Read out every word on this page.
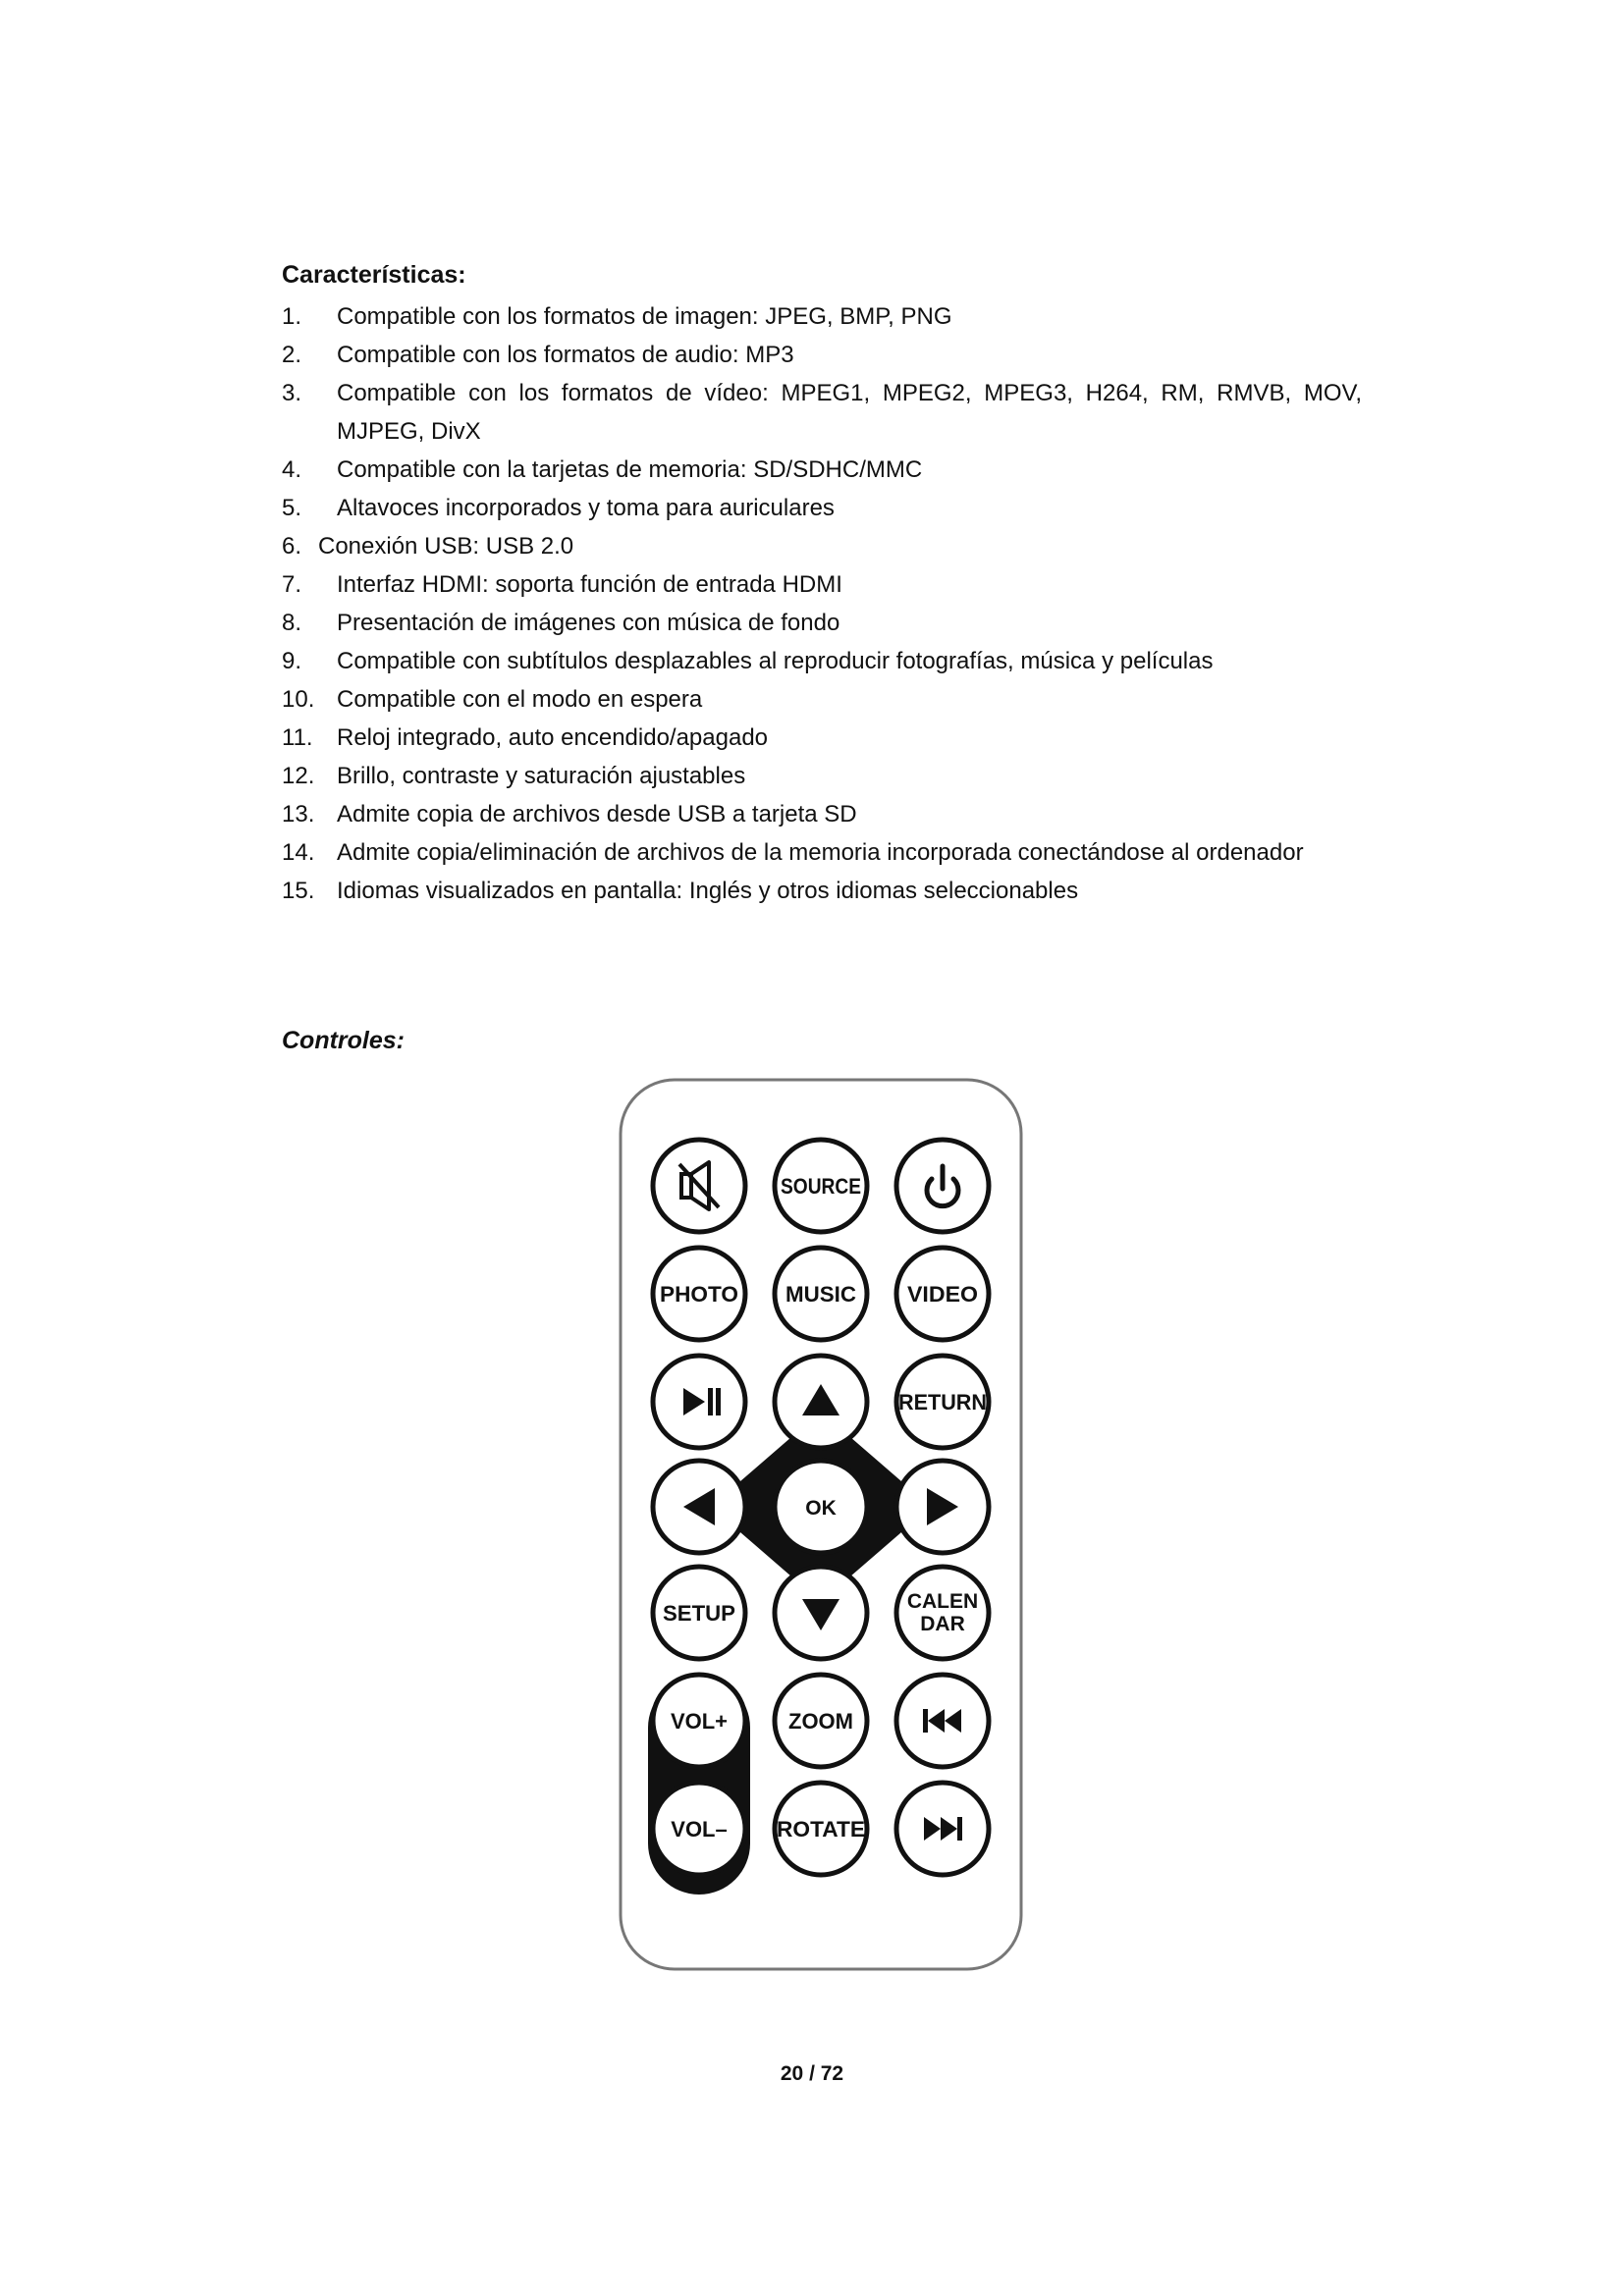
Características:
1. Compatible con los formatos de imagen: JPEG, BMP, PNG
2. Compatible con los formatos de audio: MP3
3. Compatible con los formatos de vídeo: MPEG1, MPEG2, MPEG3, H264, RM, RMVB, MOV, MJPEG, DivX
4. Compatible con la tarjetas de memoria: SD/SDHC/MMC
5. Altavoces incorporados y toma para auriculares
6. Conexión USB: USB 2.0
7. Interfaz HDMI: soporta función de entrada HDMI
8. Presentación de imágenes con música de fondo
9. Compatible con subtítulos desplazables al reproducir fotografías, música y películas
10. Compatible con el modo en espera
11. Reloj integrado, auto encendido/apagado
12. Brillo, contraste y saturación ajustables
13. Admite copia de archivos desde USB a tarjeta SD
14. Admite copia/eliminación de archivos de la memoria incorporada conectándose al ordenador
15. Idiomas visualizados en pantalla: Inglés y otros idiomas seleccionables
Controles:
SOURCE
PHOTO MUSIC VIDEO
RETURN
OK
SETUP	CALEN
DAR
VOL+	ZOOM
VOL– ROTATE
20 / 72
